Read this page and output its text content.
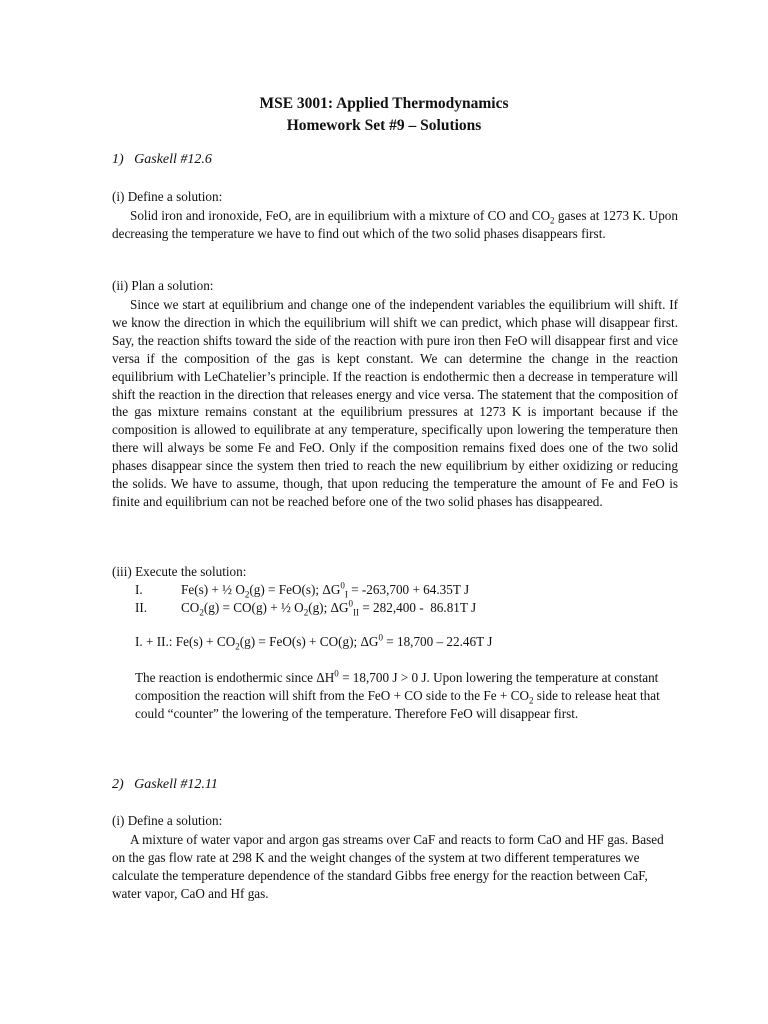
MSE 3001: Applied Thermodynamics
Homework Set #9 – Solutions
1)   Gaskell #12.6
(i) Define a solution:
Solid iron and ironoxide, FeO, are in equilibrium with a mixture of CO and $CO_2$ gases at 1273 K. Upon decreasing the temperature we have to find out which of the two solid phases disappears first.
(ii) Plan a solution:
Since we start at equilibrium and change one of the independent variables the equilibrium will shift. If we know the direction in which the equilibrium will shift we can predict, which phase will disappear first. Say, the reaction shifts toward the side of the reaction with pure iron then FeO will disappear first and vice versa if the composition of the gas is kept constant. We can determine the change in the reaction equilibrium with LeChatelier’s principle. If the reaction is endothermic then a decrease in temperature will shift the reaction in the direction that releases energy and vice versa. The statement that the composition of the gas mixture remains constant at the equilibrium pressures at 1273 K is important because if the composition is allowed to equilibrate at any temperature, specifically upon lowering the temperature then there will always be some Fe and FeO. Only if the composition remains fixed does one of the two solid phases disappear since the system then tried to reach the new equilibrium by either oxidizing or reducing the solids. We have to assume, though, that upon reducing the temperature the amount of Fe and FeO is finite and equilibrium can not be reached before one of the two solid phases has disappeared.
(iii) Execute the solution:
I.	Fe(s) + ½ $O_2(g) = FeO(s)$; $\Delta G^0_I = -263,700 + 64.35T$ J
II.	$CO_2(g) = CO(g)$ + ½ $O_2(g)$; $\Delta G^0_{II} = 282,400 - 86.81T$ J
I. + II.: $Fe(s) + CO_2(g) = FeO(s) + CO(g)$; $\Delta G^0 = 18,700 - 22.46T$ J
The reaction is endothermic since $\Delta H^0 = 18,700$ J > 0 J. Upon lowering the temperature at constant composition the reaction will shift from the FeO + CO side to the $Fe + CO_2$ side to release heat that could “counter” the lowering of the temperature. Therefore FeO will disappear first.
2)   Gaskell #12.11
(i) Define a solution:
A mixture of water vapor and argon gas streams over CaF and reacts to form CaO and HF gas. Based on the gas flow rate at 298 K and the weight changes of the system at two different temperatures we calculate the temperature dependence of the standard Gibbs free energy for the reaction between CaF, water vapor, CaO and Hf gas.
